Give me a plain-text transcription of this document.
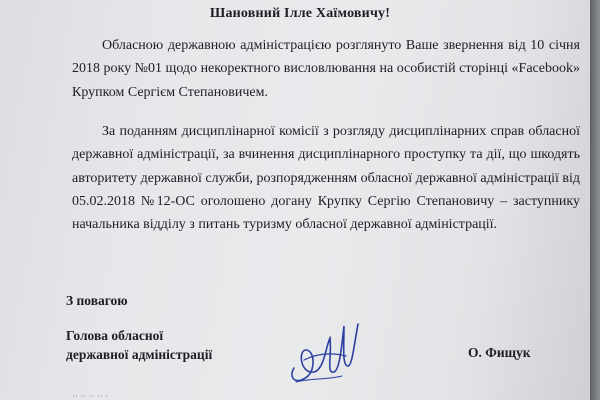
Шановний Ілле Хаїмовичу!

Обласною державною адміністрацією розглянуто Ваше звернення від 10 січня 2018 року №01 щодо некоректного висловлювання на особистій сторінці «Facebook» Крупком Сергієм Степановичем.

За поданням дисциплінарної комісії з розгляду дисциплінарних справ обласної державної адміністрації, за вчинення дисциплінарного проступку та дії, що шкодять авторитету державної служби, розпорядженням обласної державної адміністрації від 05.02.2018 №12-ОС оголошено догану Крупку Сергію Степановичу – заступнику начальника відділу з питань туризму обласної державної адміністрації.

З повагою
Голова обласної
державної адміністрації	О. Фищук
·· ·· ·· ·· ·
